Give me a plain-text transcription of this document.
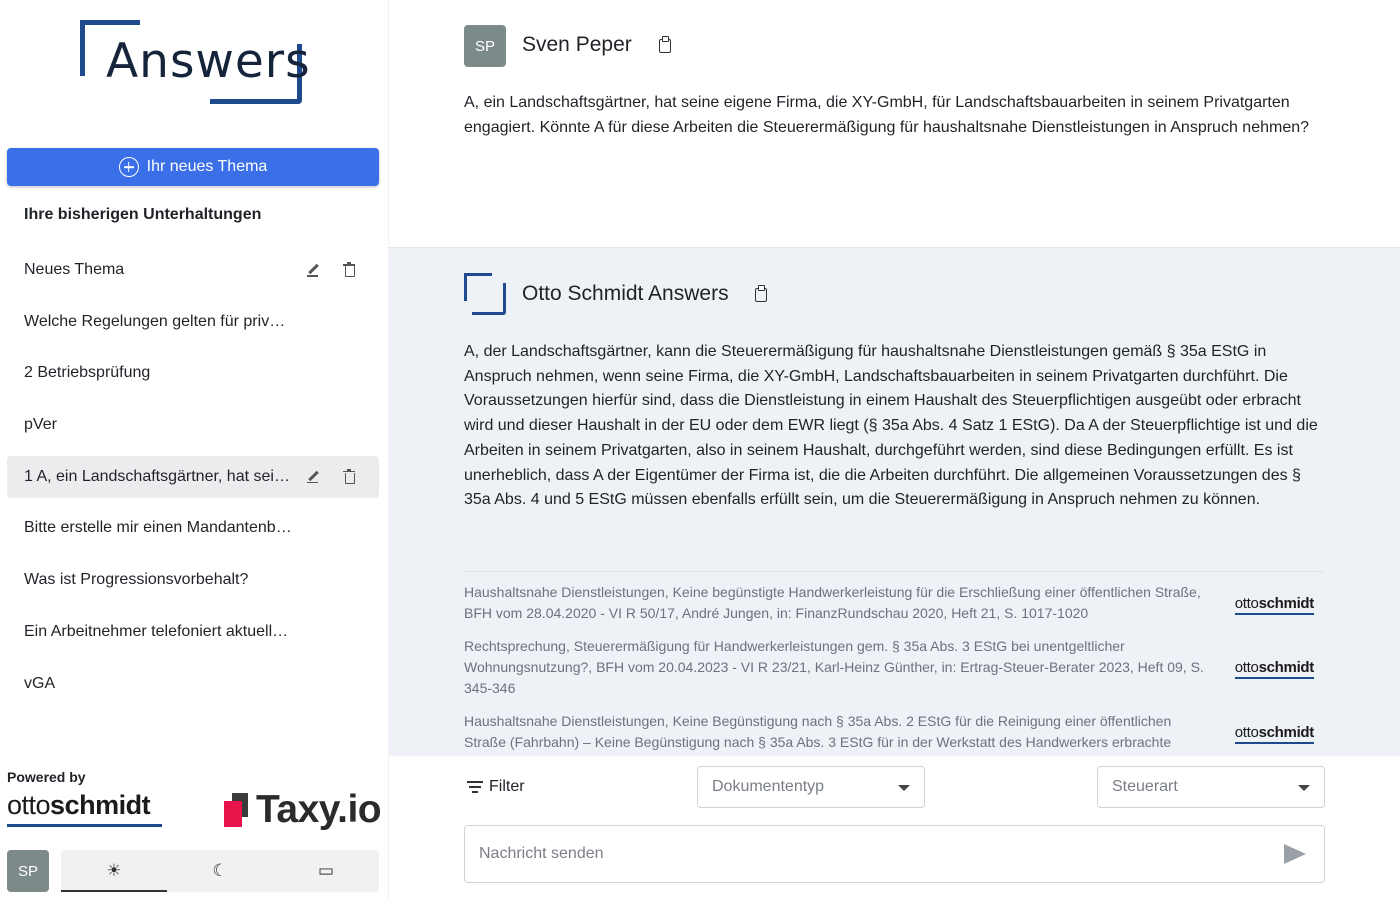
Answers
Ihr neues Thema
Ihre bisherigen Unterhaltungen
Neues Thema
Welche Regelungen gelten für priv…
2 Betriebsprüfung
pVer
1 A, ein Landschaftsgärtner, hat sei…
Bitte erstelle mir einen Mandantenb…
Was ist Progressionsvorbehalt?
Ein Arbeitnehmer telefoniert aktuell…
vGA
Powered by
ottoschmidt	Taxy.io
SP	☀	☾	▭
SP	Sven Peper
A, ein Landschaftsgärtner, hat seine eigene Firma, die XY-GmbH, für Landschaftsbauarbeiten in seinem Privatgarten engagiert. Könnte A für diese Arbeiten die Steuerermäßigung für haushaltsnahe Dienstleistungen in Anspruch nehmen?
Otto Schmidt Answers
A, der Landschaftsgärtner, kann die Steuerermäßigung für haushaltsnahe Dienstleistungen gemäß § 35a EStG in Anspruch nehmen, wenn seine Firma, die XY-GmbH, Landschaftsbauarbeiten in seinem Privatgarten durchführt. Die Voraussetzungen hierfür sind, dass die Dienstleistung in einem Haushalt des Steuerpflichtigen ausgeübt oder erbracht wird und dieser Haushalt in der EU oder dem EWR liegt (§ 35a Abs. 4 Satz 1 EStG). Da A der Steuerpflichtige ist und die Arbeiten in seinem Privatgarten, also in seinem Haushalt, durchgeführt werden, sind diese Bedingungen erfüllt. Es ist unerheblich, dass A der Eigentümer der Firma ist, die die Arbeiten durchführt. Die allgemeinen Voraussetzungen des § 35a Abs. 4 und 5 EStG müssen ebenfalls erfüllt sein, um die Steuerermäßigung in Anspruch nehmen zu können.
Haushaltsnahe Dienstleistungen, Keine begünstigte Handwerkerleistung für die Erschließung einer öffentlichen Straße, BFH vom 28.04.2020 - VI R 50/17, André Jungen, in: FinanzRundschau 2020, Heft 21, S. 1017-1020
ottoschmidt
Rechtsprechung, Steuerermäßigung für Handwerkerleistungen gem. § 35a Abs. 3 EStG bei unentgeltlicher Wohnungsnutzung?, BFH vom 20.04.2023 - VI R 23/21, Karl-Heinz Günther, in: Ertrag-Steuer-Berater 2023, Heft 09, S. 345-346
ottoschmidt
Haushaltsnahe Dienstleistungen, Keine Begünstigung nach § 35a Abs. 2 EStG für die Reinigung einer öffentlichen Straße (Fahrbahn) – Keine Begünstigung nach § 35a Abs. 3 EStG für in der Werkstatt des Handwerkers erbrachte
ottoschmidt
Filter	Dokumententyp	Steuerart
Nachricht senden
